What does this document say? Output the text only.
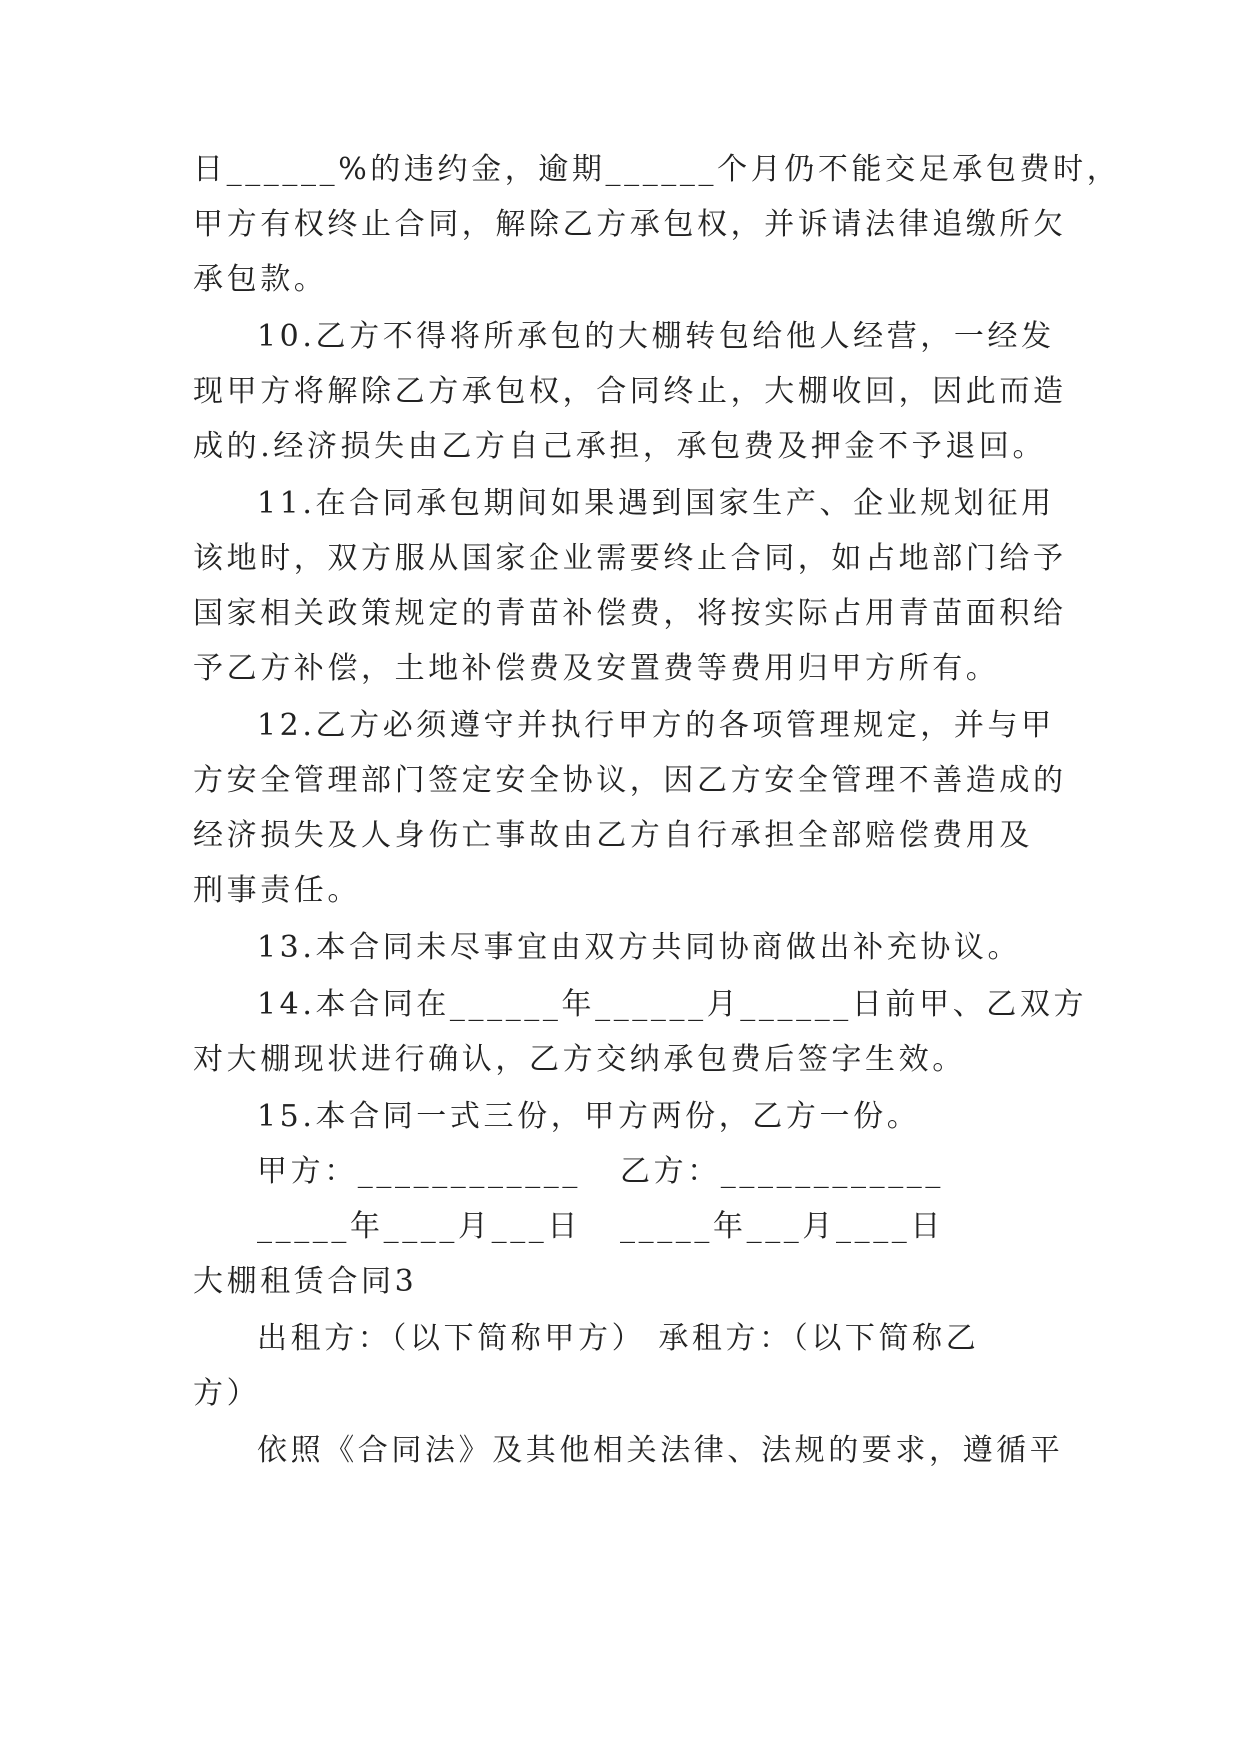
日______%的违约金，逾期______个月仍不能交足承包费时，
甲方有权终止合同，解除乙方承包权，并诉请法律追缴所欠
承包款。
10.乙方不得将所承包的大棚转包给他人经营，一经发
现甲方将解除乙方承包权，合同终止，大棚收回，因此而造
成的.经济损失由乙方自己承担，承包费及押金不予退回。
11.在合同承包期间如果遇到国家生产、企业规划征用
该地时，双方服从国家企业需要终止合同，如占地部门给予
国家相关政策规定的青苗补偿费，将按实际占用青苗面积给
予乙方补偿，土地补偿费及安置费等费用归甲方所有。
12.乙方必须遵守并执行甲方的各项管理规定，并与甲
方安全管理部门签定安全协议，因乙方安全管理不善造成的
经济损失及人身伤亡事故由乙方自行承担全部赔偿费用及
刑事责任。
13.本合同未尽事宜由双方共同协商做出补充协议。
14.本合同在______年______月______日前甲、乙双方
对大棚现状进行确认，乙方交纳承包费后签字生效。
15.本合同一式三份，甲方两份，乙方一份。
甲方：____________ 乙方：____________
_____年____月___日 _____年___月____日
大棚租赁合同3
出租方：（以下简称甲方） 承租方：（以下简称乙
方）
依照《合同法》及其他相关法律、法规的要求，遵循平
